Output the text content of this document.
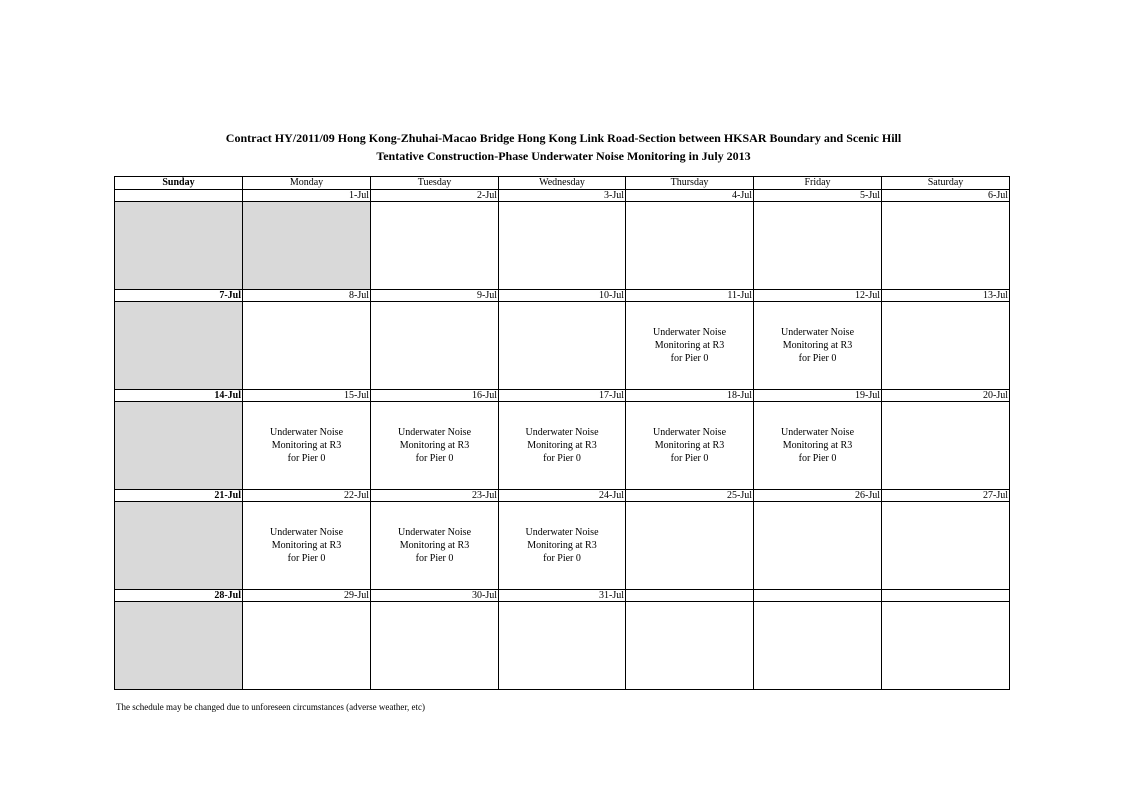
Contract HY/2011/09 Hong Kong-Zhuhai-Macao Bridge Hong Kong Link Road-Section between HKSAR Boundary and Scenic Hill
Tentative Construction-Phase Underwater Noise Monitoring in July 2013
Sunday	Monday	Tuesday	Wednesday	Thursday	Friday	Saturday
	1-Jul	2-Jul	3-Jul	4-Jul	5-Jul	6-Jul

7-Jul	8-Jul	9-Jul	10-Jul	11-Jul	12-Jul	13-Jul

				Underwater Noise
Monitoring at R3
for Pier 0	Underwater Noise
Monitoring at R3
for Pier 0	

14-Jul	15-Jul	16-Jul	17-Jul	18-Jul	19-Jul	20-Jul

	Underwater Noise
Monitoring at R3
for Pier 0	Underwater Noise
Monitoring at R3
for Pier 0	Underwater Noise
Monitoring at R3
for Pier 0	Underwater Noise
Monitoring at R3
for Pier 0	Underwater Noise
Monitoring at R3
for Pier 0	

21-Jul	22-Jul	23-Jul	24-Jul	25-Jul	26-Jul	27-Jul

	Underwater Noise
Monitoring at R3
for Pier 0	Underwater Noise
Monitoring at R3
for Pier 0	Underwater Noise
Monitoring at R3
for Pier 0			

28-Jul	29-Jul	30-Jul	31-Jul			

The schedule may be changed due to unforeseen circumstances (adverse weather, etc)
